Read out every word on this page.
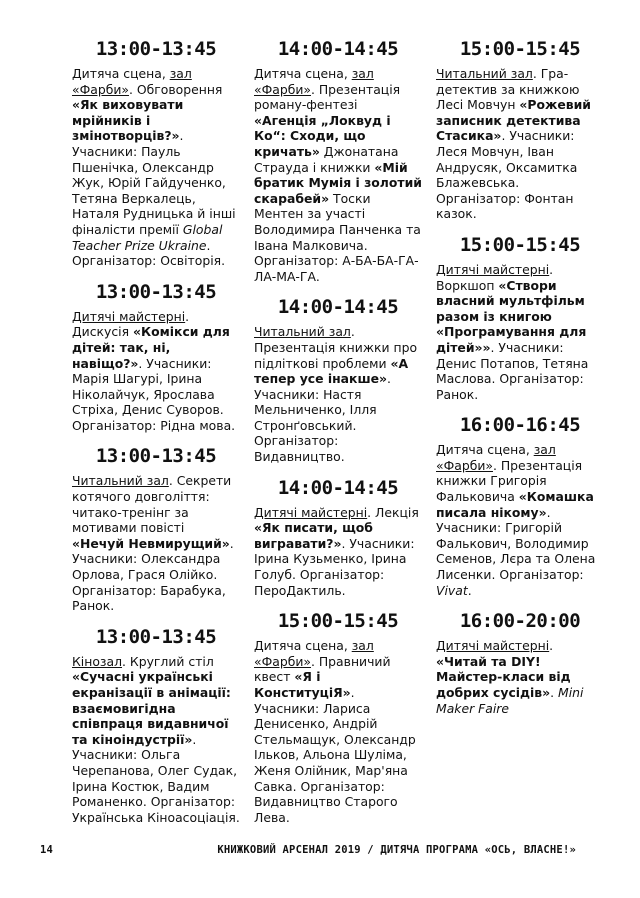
13:00-13:45

Дитяча сцена, зал «Фарби». Обговорення «Як виховувати мрійників і змінотворців?». Учасники: Пауль Пшенічка, Олександр Жук, Юрій Гайдученко, Тетяна Веркалець, Наталя Рудницька й інші фіналісти премії Global Teacher Prize Ukraine. Організатор: Освіторія.

13:00-13:45

Дитячі майстерні. Дискусія «Комікси для дітей: так, ні, навіщо?». Учасники: Марія Шагурі, Ірина Ніколайчук, Ярослава Стріха, Денис Суворов. Організатор: Рідна мова.

13:00-13:45

Читальний зал. Секрети котячого довголіття: читако-тренінг за мотивами повісті «Нечуй Невмирущий». Учасники: Олександра Орлова, Грася Олійко. Організатор: Барабука, Ранок.

13:00-13:45

Кінозал. Круглий стіл «Сучасні українські екранізації в анімації: взаємовигідна співпраця видавничої та кіноіндустрії». Учасники: Ольга Черепанова, Олег Судак, Ірина Костюк, Вадим Романенко. Організатор: Українська Кіноасоціація.

14:00-14:45

Дитяча сцена, зал «Фарби». Презентація роману-фентезі «Агенція „Локвуд і Ко“: Сходи, що кричать» Джонатана Страуда і книжки «Мій братик Мумія і золотий скарабей» Тоски Ментен за участі Володимира Панченка та Івана Малковича. Організатор: А-БА-БА-ГА-ЛА-МА-ГА.

14:00-14:45

Читальний зал. Презентація книжки про підліткові проблеми «А тепер усе інакше». Учасники: Настя Мельниченко, Ілля Стронґовський. Організатор: Видавництво.

14:00-14:45

Дитячі майстерні. Лекція «Як писати, щоб вигравати?». Учасники: Ірина Кузьменко, Ірина Голуб. Організатор: ПероДактиль.

15:00-15:45

Дитяча сцена, зал «Фарби». Правничий квест «Я і КонституціЯ». Учасники: Лариса Денисенко, Андрій Стельмащук, Олександр Ільков, Альона Шуліма, Женя Олійник, Мар'яна Савка. Організатор: Видавництво Старого Лева.

15:00-15:45

Читальний зал. Гра-детектив за книжкою Лесі Мовчун «Рожевий записник детектива Стасика». Учасники: Леся Мовчун, Іван Андрусяк, Оксамитка Блажевська. Організатор: Фонтан казок.

15:00-15:45

Дитячі майстерні. Воркшоп «Створи власний мультфільм разом із книгою «Програмування для дітей»». Учасники: Денис Потапов, Тетяна Маслова. Організатор: Ранок.

16:00-16:45

Дитяча сцена, зал «Фарби». Презентація книжки Григорія Фальковича «Комашка писала нікому». Учасники: Григорій Фалькович, Володимир Семенов, Лєра та Олена Лисенки. Організатор: Vivat.

16:00-20:00

Дитячі майстерні. «Читай та DIY! Майстер-класи від добрих сусідів». Mini Maker Faire

14	КНИЖКОВИЙ АРСЕНАЛ 2019 / ДИТЯЧА ПРОГРАМА «ОСЬ, ВЛАСНЕ!»
